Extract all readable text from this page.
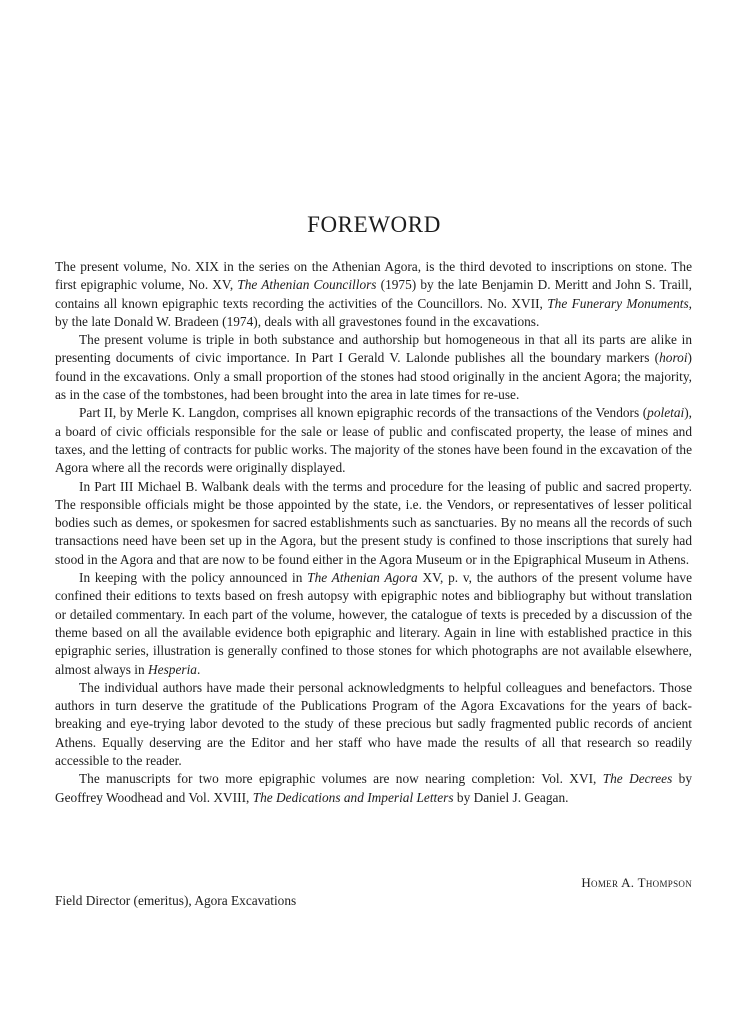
FOREWORD

The present volume, No. XIX in the series on the Athenian Agora, is the third devoted to inscriptions on stone. The first epigraphic volume, No. XV, The Athenian Councillors (1975) by the late Benjamin D. Meritt and John S. Traill, contains all known epigraphic texts recording the activities of the Councillors. No. XVII, The Funerary Monuments, by the late Donald W. Bradeen (1974), deals with all gravestones found in the excavations.

The present volume is triple in both substance and authorship but homogeneous in that all its parts are alike in presenting documents of civic importance. In Part I Gerald V. Lalonde publishes all the boundary markers (horoi) found in the excavations. Only a small proportion of the stones had stood originally in the ancient Agora; the majority, as in the case of the tombstones, had been brought into the area in late times for re-use.

Part II, by Merle K. Langdon, comprises all known epigraphic records of the transactions of the Vendors (poletai), a board of civic officials responsible for the sale or lease of public and confiscated property, the lease of mines and taxes, and the letting of contracts for public works. The majority of the stones have been found in the excavation of the Agora where all the records were originally displayed.

In Part III Michael B. Walbank deals with the terms and procedure for the leasing of public and sacred property. The responsible officials might be those appointed by the state, i.e. the Vendors, or representatives of lesser political bodies such as demes, or spokesmen for sacred establishments such as sanctuaries. By no means all the records of such transactions need have been set up in the Agora, but the present study is confined to those inscriptions that surely had stood in the Agora and that are now to be found either in the Agora Museum or in the Epigraphical Museum in Athens.

In keeping with the policy announced in The Athenian Agora XV, p. v, the authors of the present volume have confined their editions to texts based on fresh autopsy with epigraphic notes and bibliography but without translation or detailed commentary. In each part of the volume, however, the catalogue of texts is preceded by a discussion of the theme based on all the available evidence both epigraphic and literary. Again in line with established practice in this epigraphic series, illustration is generally confined to those stones for which photographs are not available elsewhere, almost always in Hesperia.

The individual authors have made their personal acknowledgments to helpful colleagues and benefactors. Those authors in turn deserve the gratitude of the Publications Program of the Agora Excavations for the years of back-breaking and eye-trying labor devoted to the study of these precious but sadly fragmented public records of ancient Athens. Equally deserving are the Editor and her staff who have made the results of all that research so readily accessible to the reader.

The manuscripts for two more epigraphic volumes are now nearing completion: Vol. XVI, The Decrees by Geoffrey Woodhead and Vol. XVIII, The Dedications and Imperial Letters by Daniel J. Geagan.

Homer A. Thompson
Field Director (emeritus), Agora Excavations
